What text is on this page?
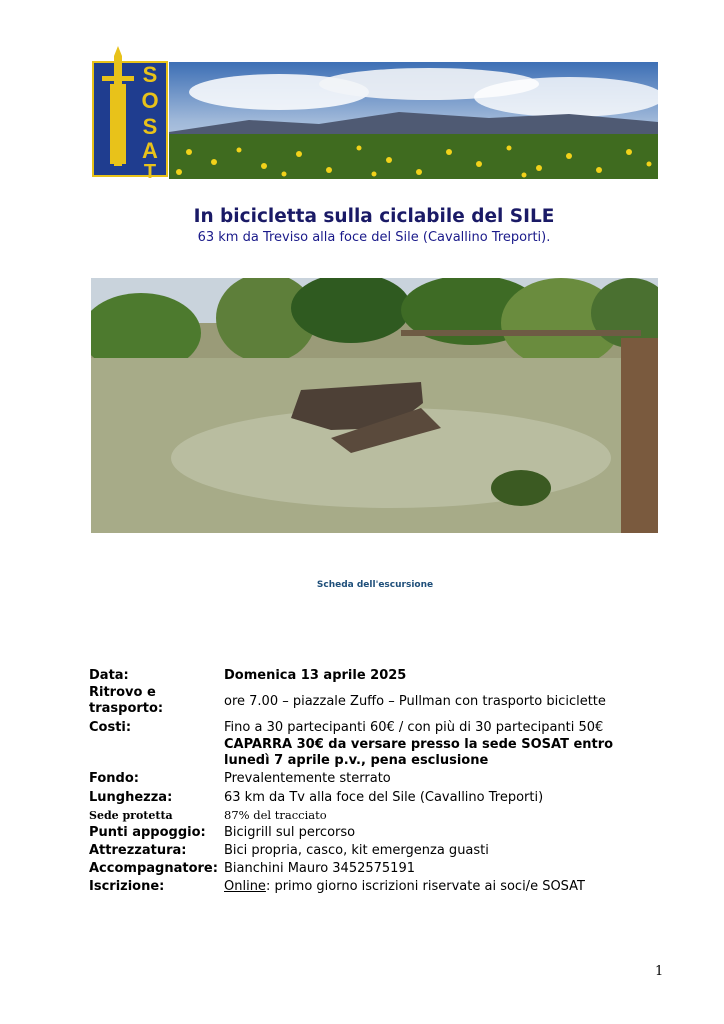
S
O
S
A
T
In bicicletta sulla ciclabile del SILE
63 km da Treviso alla foce del Sile (Cavallino Treporti).
Scheda dell'escursione
Data:	Domenica 13 aprile 2025
Ritrovo e
trasporto:	ore 7.00 – piazzale Zuffo – Pullman con trasporto biciclette
Costi:	Fino a 30 partecipanti 60€ / con più di 30 partecipanti 50€
CAPARRA 30€ da versare presso la sede SOSAT entro
lunedì 7 aprile p.v., pena esclusione
Fondo:	Prevalentemente sterrato
Lunghezza:	63 km da Tv alla foce del Sile (Cavallino Treporti)
Sede protetta	87% del tracciato
Punti appoggio: Bicigrill sul percorso
Attrezzatura:	Bici propria, casco, kit emergenza guasti
Accompagnatore: Bianchini Mauro 3452575191
Iscrizione:	Online: primo giorno iscrizioni riservate ai soci/e SOSAT
1
